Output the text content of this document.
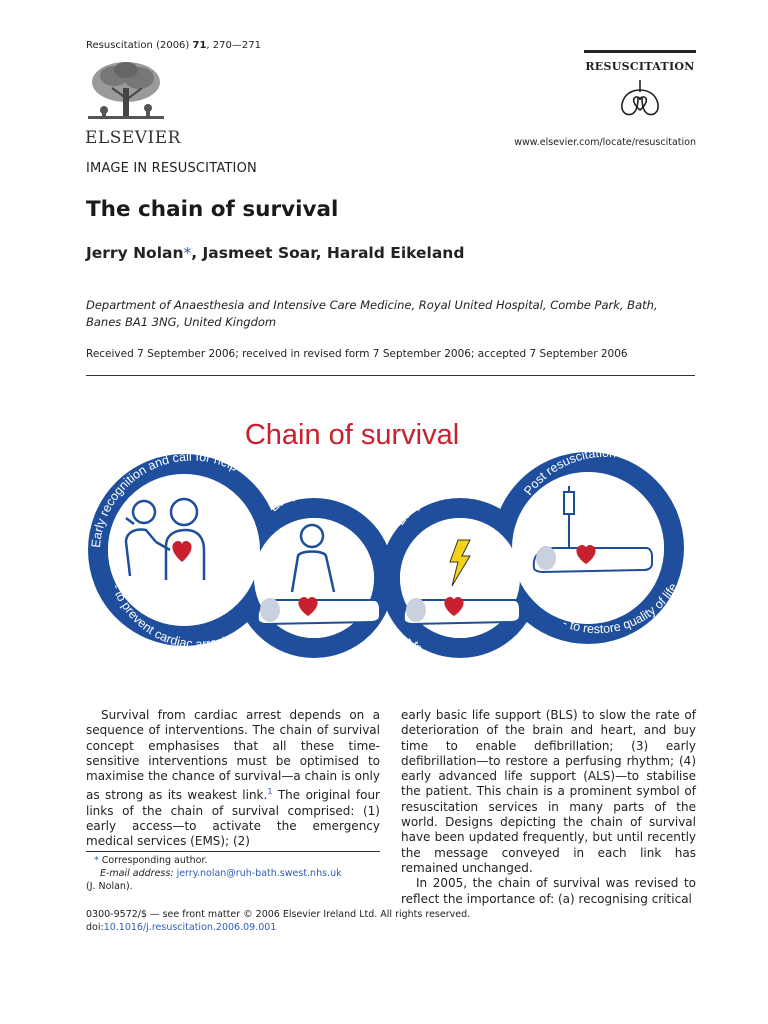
Resuscitation (2006) 71, 270—271
ELSEVIER
RESUSCITATION
www.elsevier.com/locate/resuscitation
IMAGE IN RESUSCITATION
The chain of survival
Jerry Nolan*, Jasmeet Soar, Harald Eikeland
Department of Anaesthesia and Intensive Care Medicine, Royal United Hospital, Combe Park, Bath,
Banes BA1 3NG, United Kingdom
Received 7 September 2006; received in revised form 7 September 2006; accepted 7 September 2006
Chain of survival
Early recognition and call for help
- to prevent cardiac arrest
Early CPR
- to buy time
Early Defibrillation
- to restart the heart
Post resuscitation care
- to restore quality of life
Survival from cardiac arrest depends on a sequence of interventions. The chain of survival concept emphasises that all these time-sensitive interventions must be optimised to maximise the chance of survival—a chain is only as strong as its weakest link.$^1$ The original four links of the chain of survival comprised: (1) early access—to activate the emergency medical services (EMS); (2)
early basic life support (BLS) to slow the rate of deterioration of the brain and heart, and buy time to enable defibrillation; (3) early defibrillation—to restore a perfusing rhythm; (4) early advanced life support (ALS)—to stabilise the patient. This chain is a prominent symbol of resuscitation services in many parts of the world. Designs depicting the chain of survival have been updated frequently, but until recently the message conveyed in each link has remained unchanged.
In 2005, the chain of survival was revised to reflect the importance of: (a) recognising critical
* Corresponding author.
E-mail address: jerry.nolan@ruh-bath.swest.nhs.uk
(J. Nolan).
0300-9572/$ — see front matter © 2006 Elsevier Ireland Ltd. All rights reserved.
doi:10.1016/j.resuscitation.2006.09.001
